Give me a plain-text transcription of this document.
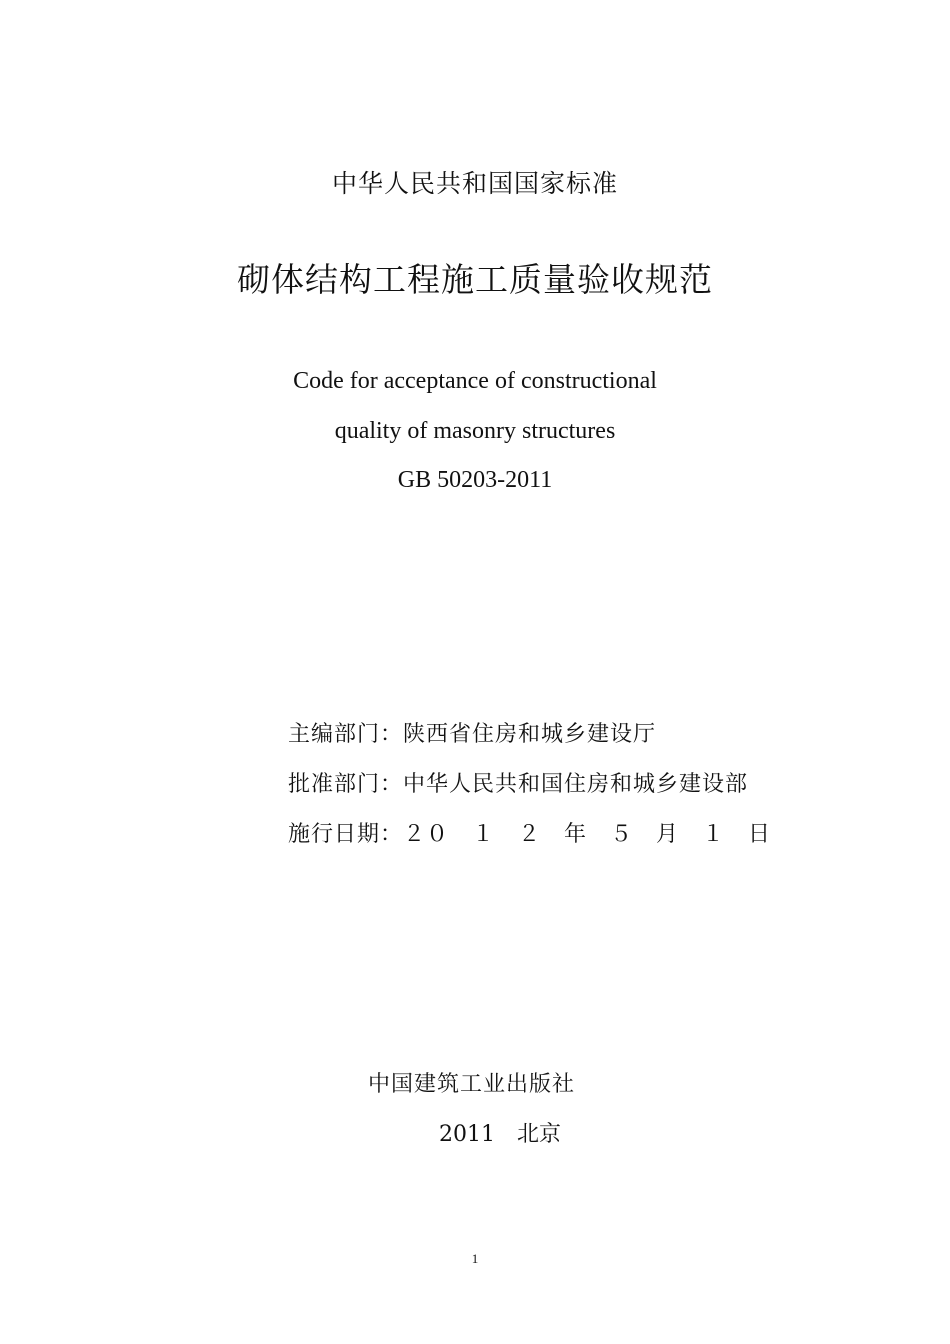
中华人民共和国国家标准
砌体结构工程施工质量验收规范
Code for acceptance of constructional
quality of masonry structures
GB 50203-2011
主编部门：陕西省住房和城乡建设厅
批准部门：中华人民共和国住房和城乡建设部
施行日期：２０　１　２　年　５　月　１　日
中国建筑工业出版社
2011　北京
1
